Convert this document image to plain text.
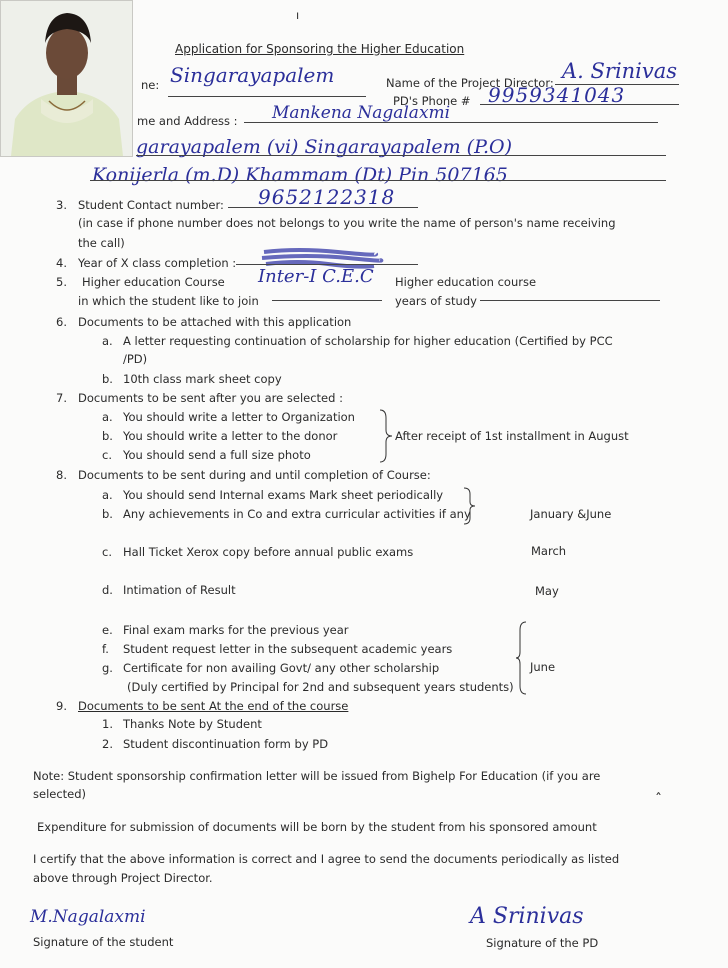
ı
Application for Sponsoring the Higher Education
ne: Singarayapalem	Name of the Project Director: A. Srinivas
PD's Phone # 9959341043
me and Address : Mankena Nagalaxmi
garayapalem (vi) Singarayapalem (P.O)
Konijerla (m.D) Khammam (Dt) Pin 507165
3. Student Contact number: 9652122318
(in case if phone number does not belongs to you write the name of person's name receiving
the call)
4. Year of X class completion :
5. Higher education Course Inter-I C.E.C Higher education course
in which the student like to join	years of study
6. Documents to be attached with this application
a. A letter requesting continuation of scholarship for higher education (Certified by PCC
/PD)
b. 10th class mark sheet copy
7. Documents to be sent after you are selected :
a. You should write a letter to Organization
b. You should write a letter to the donor
c. You should send a full size photo
After receipt of 1st installment in August
8. Documents to be sent during and until completion of Course:
a. You should send Internal exams Mark sheet periodically
b. Any achievements in Co and extra curricular activities if any	January &June
c. Hall Ticket Xerox copy before annual public exams	March
d. Intimation of Result	May
e. Final exam marks for the previous year
f. Student request letter in the subsequent academic years
g. Certificate for non availing Govt/ any other scholarship
(Duly certified by Principal for 2nd and subsequent years students)
June
9. Documents to be sent At the end of the course
1. Thanks Note by Student
2. Student discontinuation form by PD
Note: Student sponsorship confirmation letter will be issued from Bighelp For Education (if you are
selected)
Expenditure for submission of documents will be born by the student from his sponsored amount
I certify that the above information is correct and I agree to send the documents periodically as listed
above through Project Director.
ˆ
M.Nagalaxmi
Signature of the student
A Srinivas
Signature of the PD
